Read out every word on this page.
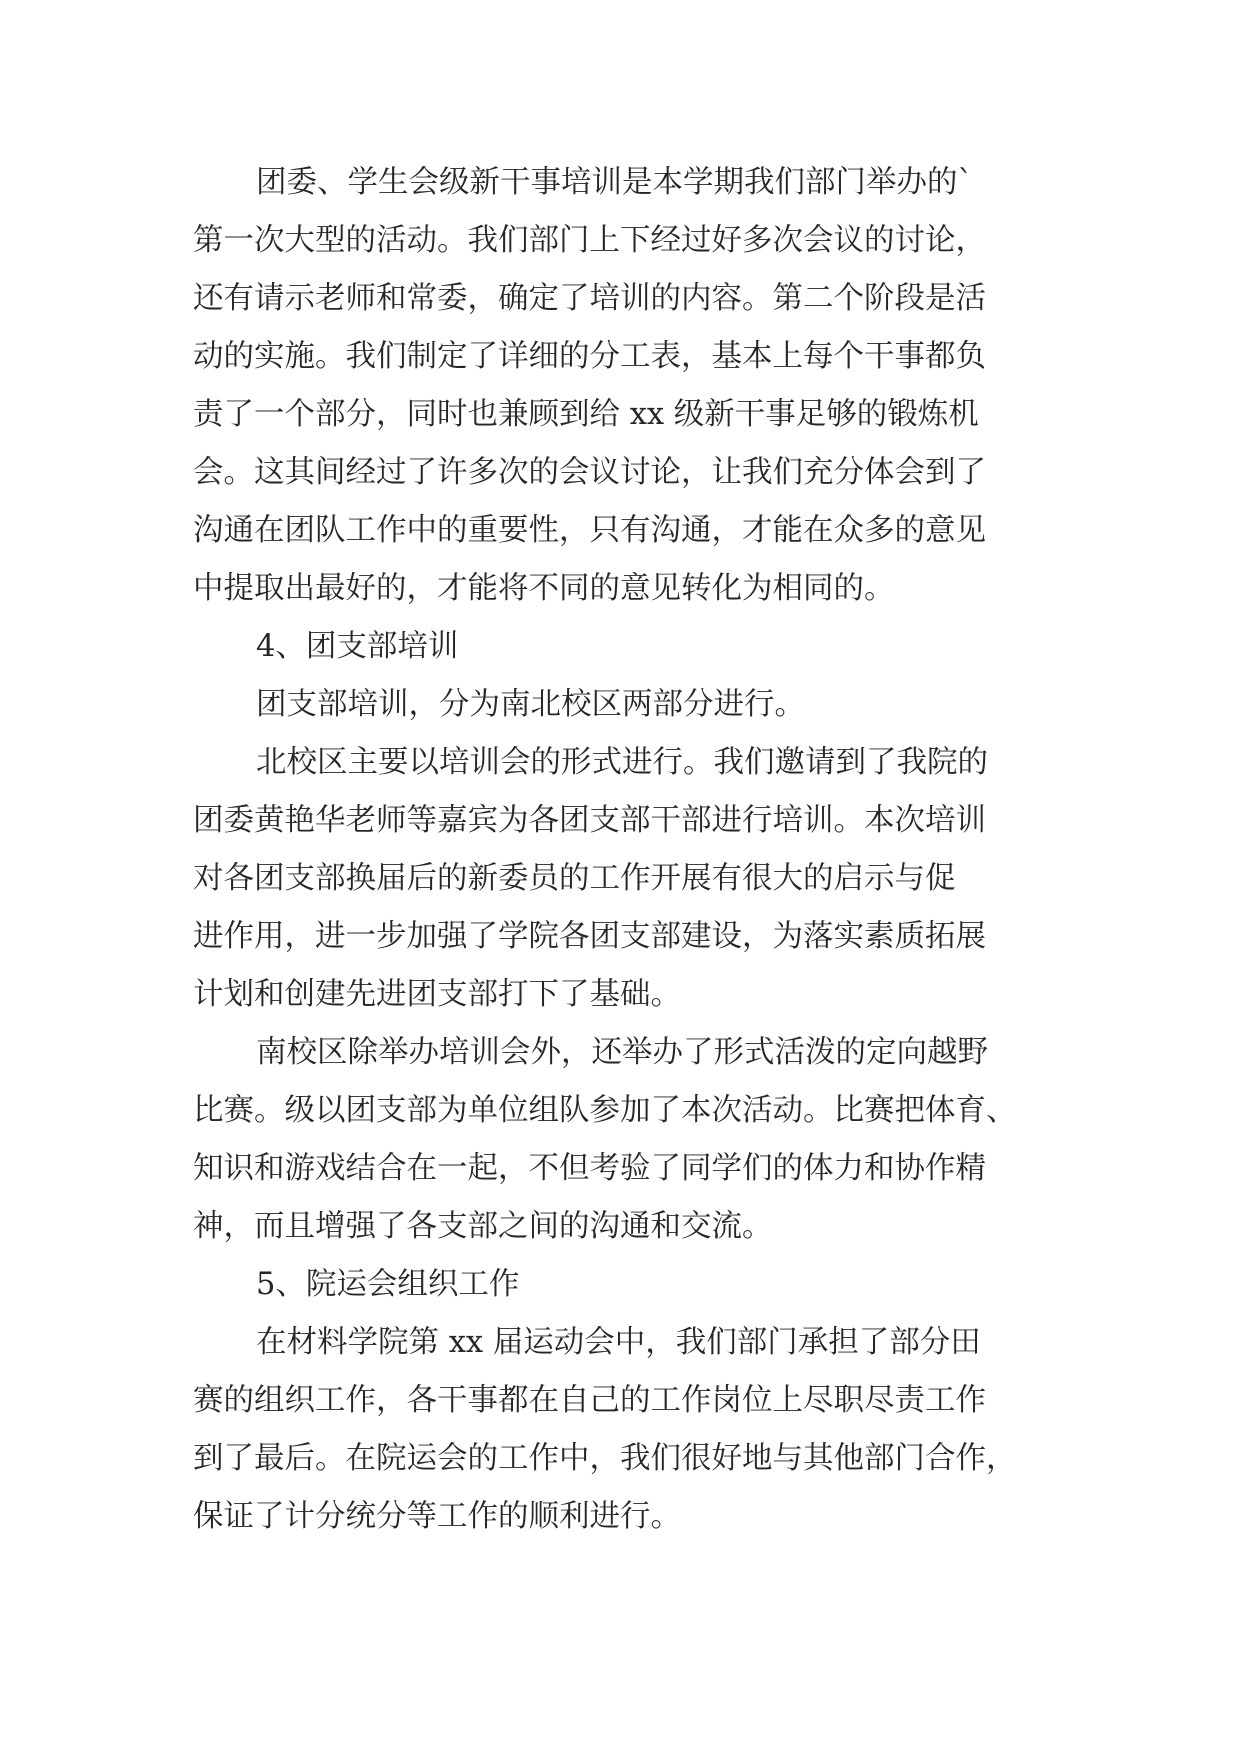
团委、学生会级新干事培训是本学期我们部门举办的`

第一次大型的活动。我们部门上下经过好多次会议的讨论，

还有请示老师和常委，确定了培训的内容。第二个阶段是活

动的实施。我们制定了详细的分工表，基本上每个干事都负

责了一个部分，同时也兼顾到给 xx 级新干事足够的锻炼机

会。这其间经过了许多次的会议讨论，让我们充分体会到了

沟通在团队工作中的重要性，只有沟通，才能在众多的意见

中提取出最好的，才能将不同的意见转化为相同的。

4、团支部培训

团支部培训，分为南北校区两部分进行。

北校区主要以培训会的形式进行。我们邀请到了我院的

团委黄艳华老师等嘉宾为各团支部干部进行培训。本次培训

对各团支部换届后的新委员的工作开展有很大的启示与促

进作用，进一步加强了学院各团支部建设，为落实素质拓展

计划和创建先进团支部打下了基础。

南校区除举办培训会外，还举办了形式活泼的定向越野

比赛。级以团支部为单位组队参加了本次活动。比赛把体育、

知识和游戏结合在一起，不但考验了同学们的体力和协作精

神，而且增强了各支部之间的沟通和交流。

5、院运会组织工作

在材料学院第 xx 届运动会中，我们部门承担了部分田

赛的组织工作，各干事都在自己的工作岗位上尽职尽责工作

到了最后。在院运会的工作中，我们很好地与其他部门合作，

保证了计分统分等工作的顺利进行。
